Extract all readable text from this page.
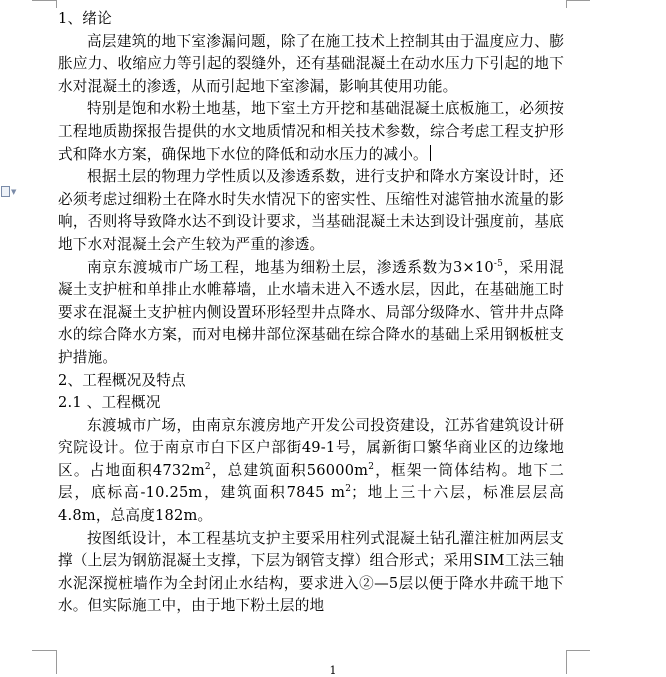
▼

1、绪论

高层建筑的地下室渗漏问题，除了在施工技术上控制其由于温度应力、膨胀应力、收缩应力等引起的裂缝外，还有基础混凝土在动水压力下引起的地下水对混凝土的渗透，从而引起地下室渗漏，影响其使用功能。

特别是饱和水粉土地基，地下室土方开挖和基础混凝土底板施工，必须按工程地质勘探报告提供的水文地质情况和相关技术参数，综合考虑工程支护形式和降水方案，确保地下水位的降低和动水压力的减小。

根据土层的物理力学性质以及渗透系数，进行支护和降水方案设计时，还必须考虑过细粉土在降水时失水情况下的密实性、压缩性对滤管抽水流量的影响，否则将导致降水达不到设计要求，当基础混凝土未达到设计强度前，基底地下水对混凝土会产生较为严重的渗透。

南京东渡城市广场工程，地基为细粉土层，渗透系数为$3\times 10^{-5}$，采用混凝土支护桩和单排止水帷幕墙，止水墙未进入不透水层，因此，在基础施工时要求在混凝土支护桩内侧设置环形轻型井点降水、局部分级降水、管井井点降水的综合降水方案，而对电梯井部位深基础在综合降水的基础上采用钢板桩支护措施。

2、工程概况及特点

2.1 、工程概况

东渡城市广场，由南京东渡房地产开发公司投资建设，江苏省建筑设计研究院设计。位于南京市白下区户部街49-1号，属新街口繁华商业区的边缘地区。占地面积$4732m^2$，总建筑面积$56000m^2$，框架一筒体结构。地下二层，底标高-10.25m，建筑面积7845 $m^2$；地上三十六层，标准层层高4.8m，总高度182m。

按图纸设计，本工程基坑支护主要采用柱列式混凝土钻孔灌注桩加两层支撑（上层为钢筋混凝土支撑，下层为钢管支撑）组合形式；采用SIM工法三轴水泥深搅桩墙作为全封闭止水结构，要求进入②—5层以便于降水井疏干地下水。但实际施工中，由于地下粉土层的地

1
